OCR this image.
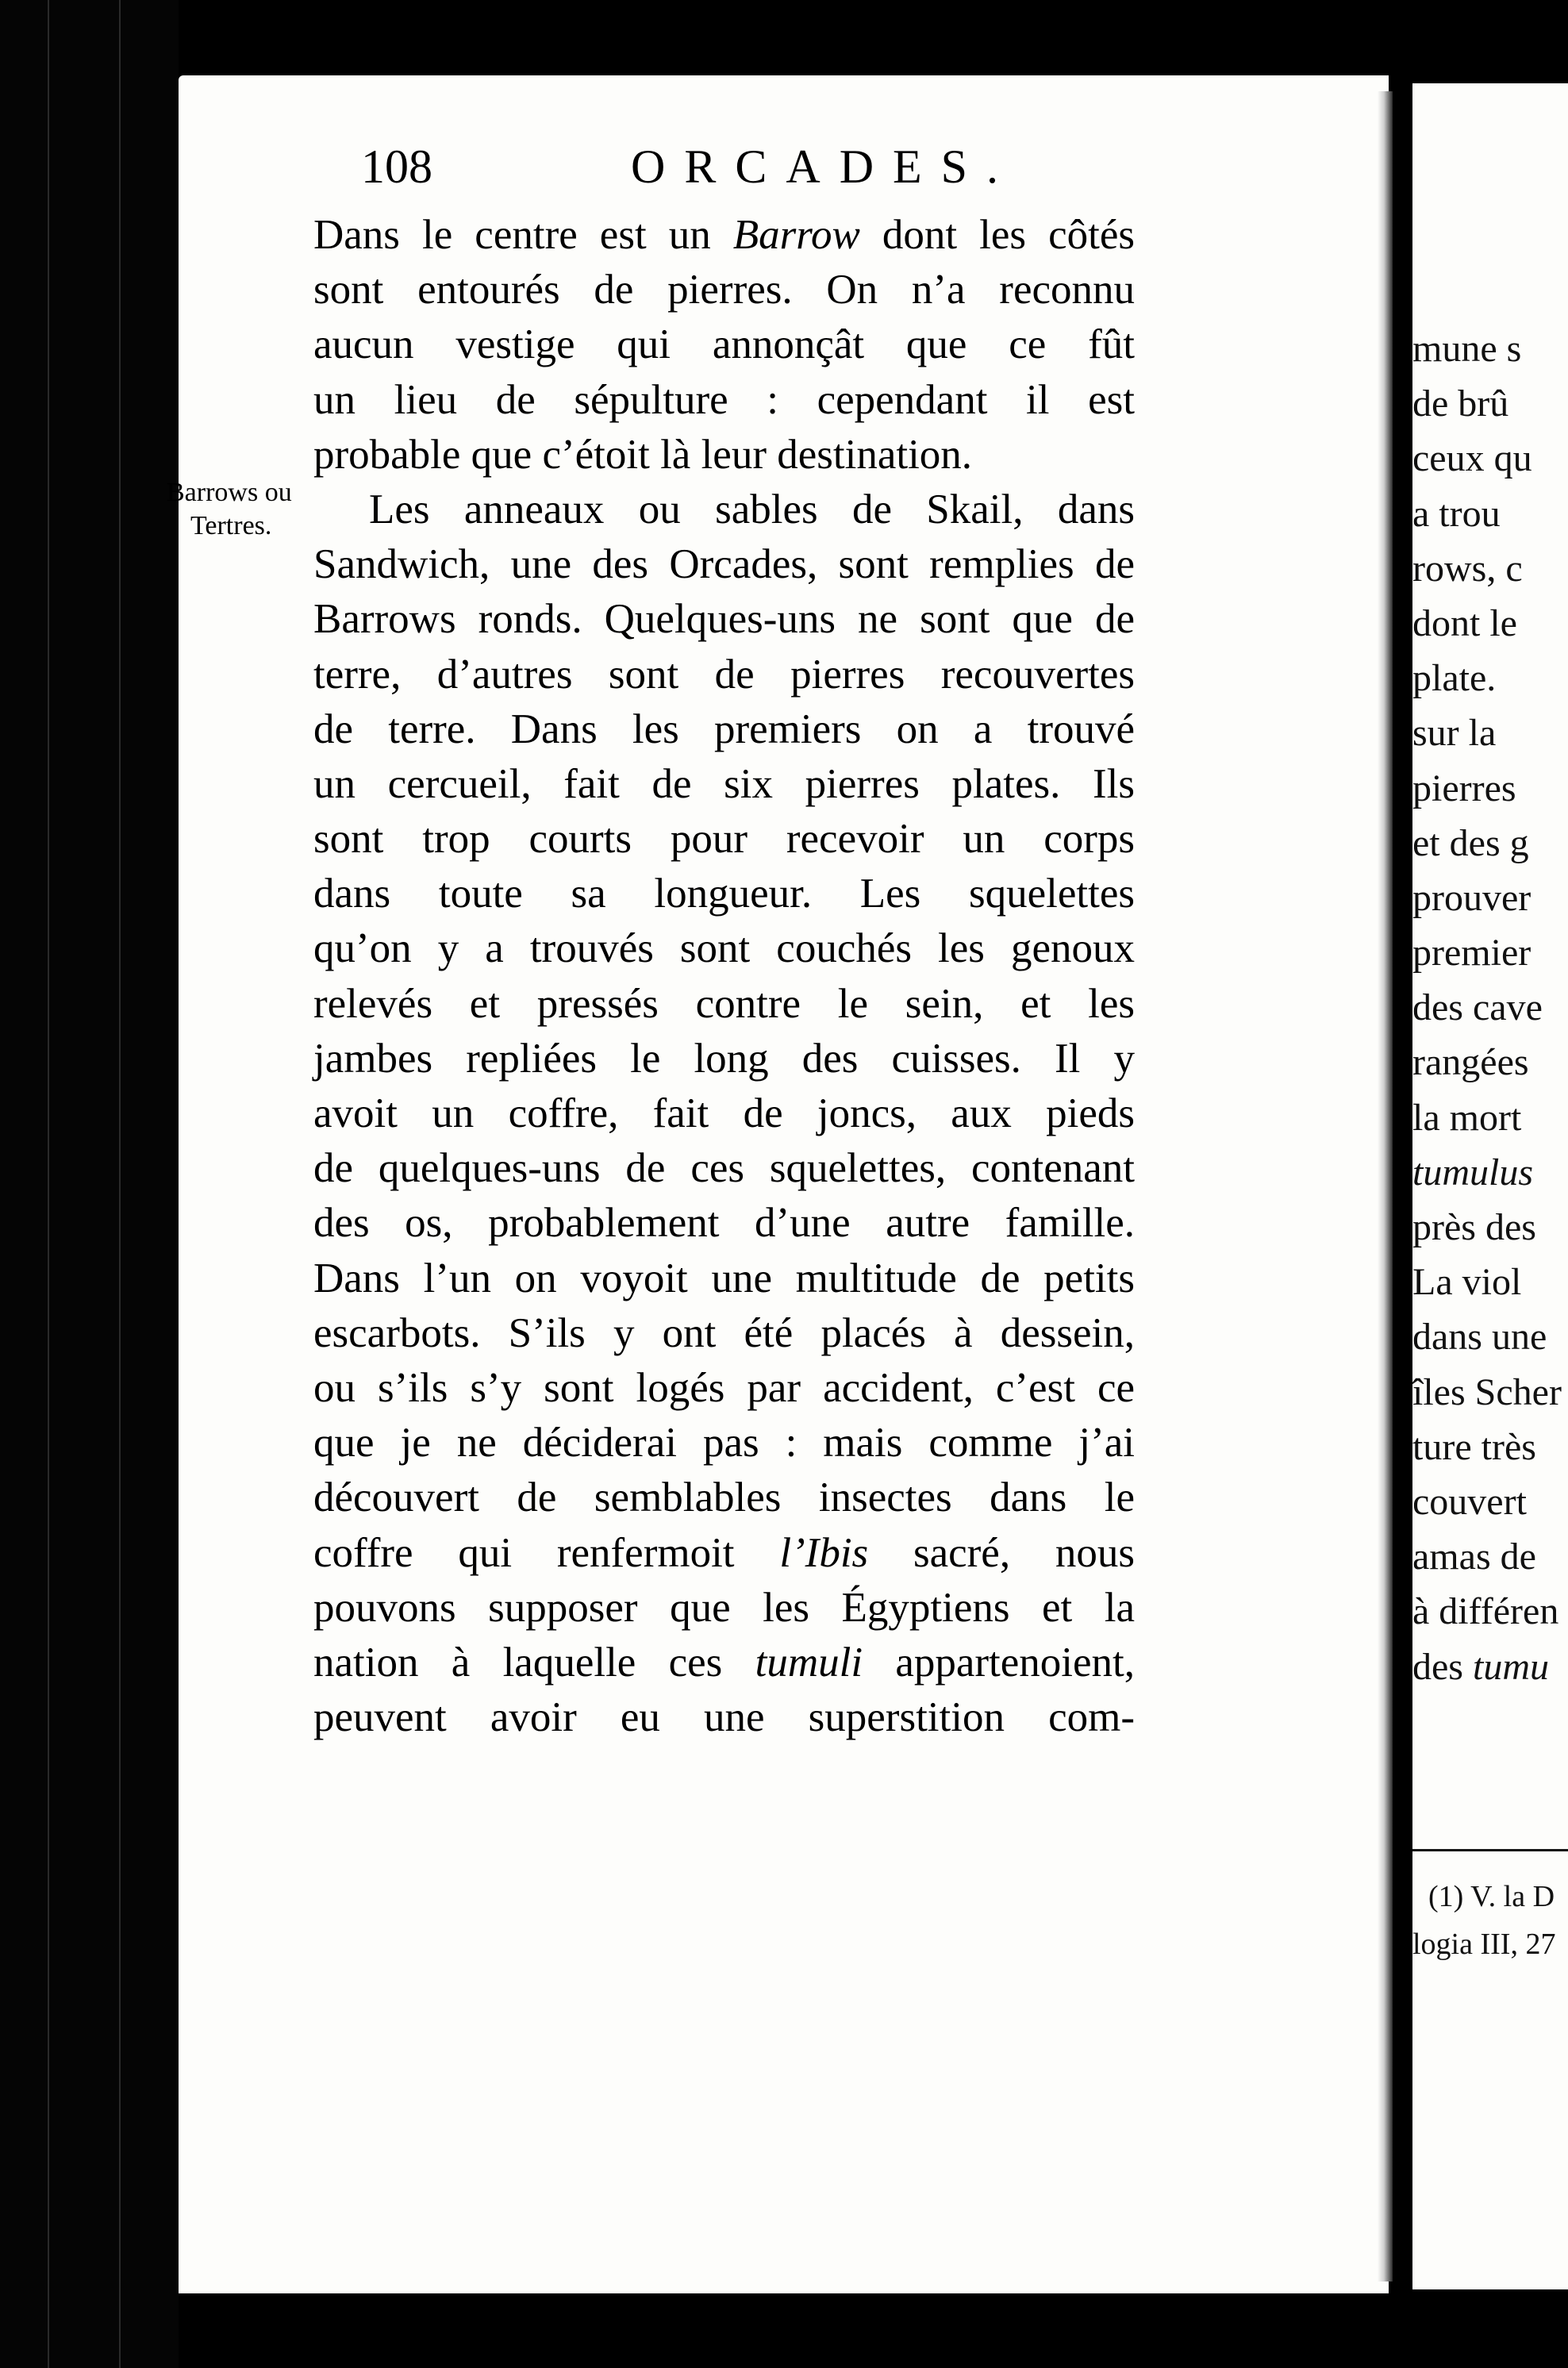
mune s
de brû
ceux qu
a trou
rows, c
dont le
plate.
sur la
pierres
et des g
prouver
premier
des cave
rangées
la mort
tumulus
près des
La viol
dans une
îles Scher
ture très
couvert
amas de
à différen
des tumu
(1) V. la D
logia III, 27
108	ORCADES.
Barrows ou
Tertres.
Dans le centre est un Barrow dont les côtés
sont entourés de pierres. On n’a reconnu
aucun vestige qui annonçât que ce fût
un lieu de sépulture : cependant il est
probable que c’étoit là leur destination.
Les anneaux ou sables de Skail, dans
Sandwich, une des Orcades, sont remplies de
Barrows ronds. Quelques-uns ne sont que de
terre, d’autres sont de pierres recouvertes
de terre. Dans les premiers on a trouvé
un cercueil, fait de six pierres plates. Ils
sont trop courts pour recevoir un corps
dans toute sa longueur. Les squelettes
qu’on y a trouvés sont couchés les genoux
relevés et pressés contre le sein, et les
jambes repliées le long des cuisses. Il y
avoit un coffre, fait de joncs, aux pieds
de quelques-uns de ces squelettes, contenant
des os, probablement d’une autre famille.
Dans l’un on voyoit une multitude de petits
escarbots. S’ils y ont été placés à dessein,
ou s’ils s’y sont logés par accident, c’est ce
que je ne déciderai pas : mais comme j’ai
découvert de semblables insectes dans le
coffre qui renfermoit l’Ibis sacré, nous
pouvons supposer que les Égyptiens et la
nation à laquelle ces tumuli appartenoient,
peuvent avoir eu une superstition com-
